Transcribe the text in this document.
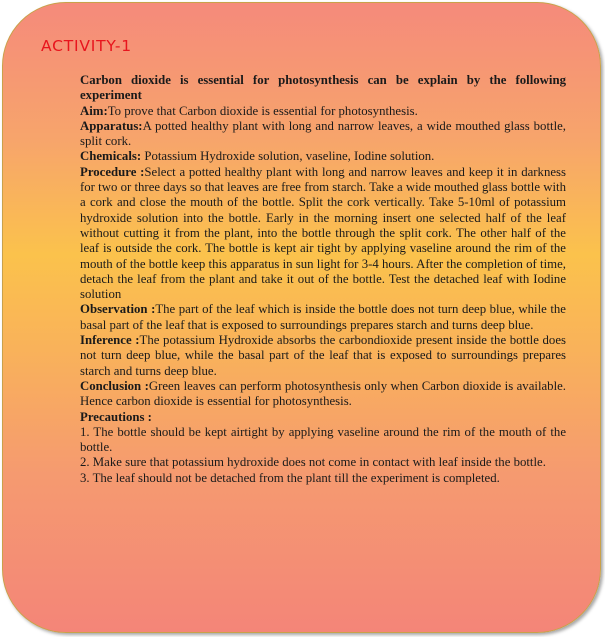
ACTIVITY-1

Carbon dioxide is essential for photosynthesis can be explain by the following experiment

Aim:To prove that Carbon dioxide is essential for photosynthesis.

Apparatus:A potted healthy plant with long and narrow leaves, a wide mouthed glass bottle, split cork.

Chemicals: Potassium Hydroxide solution, vaseline, Iodine solution.

Procedure :Select a potted healthy plant with long and narrow leaves and keep it in darkness for two or three days so that leaves are free from starch. Take a wide mouthed glass bottle with a cork and close the mouth of the bottle. Split the cork vertically. Take 5-10ml of potassium hydroxide solution into the bottle. Early in the morning insert one selected half of the leaf without cutting it from the plant, into the bottle through the split cork. The other half of the leaf is outside the cork. The bottle is kept air tight by applying vaseline around the rim of the mouth of the bottle keep this apparatus in sun light for 3-4 hours. After the completion of time, detach the leaf from the plant and take it out of the bottle. Test the detached leaf with Iodine solution

Observation :The part of the leaf which is inside the bottle does not turn deep blue, while the basal part of the leaf that is exposed to surroundings prepares starch and turns deep blue.

Inference :The potassium Hydroxide absorbs the carbondioxide present inside the bottle does not turn deep blue, while the basal part of the leaf that is exposed to surroundings prepares starch and turns deep blue.

Conclusion :Green leaves can perform photosynthesis only when Carbon dioxide is available. Hence carbon dioxide is essential for photosynthesis.

Precautions :

1. The bottle should be kept airtight by applying vaseline around the rim of the mouth of the bottle.

2. Make sure that potassium hydroxide does not come in contact with leaf inside the bottle.

3. The leaf should not be detached from the plant till the experiment is completed.
